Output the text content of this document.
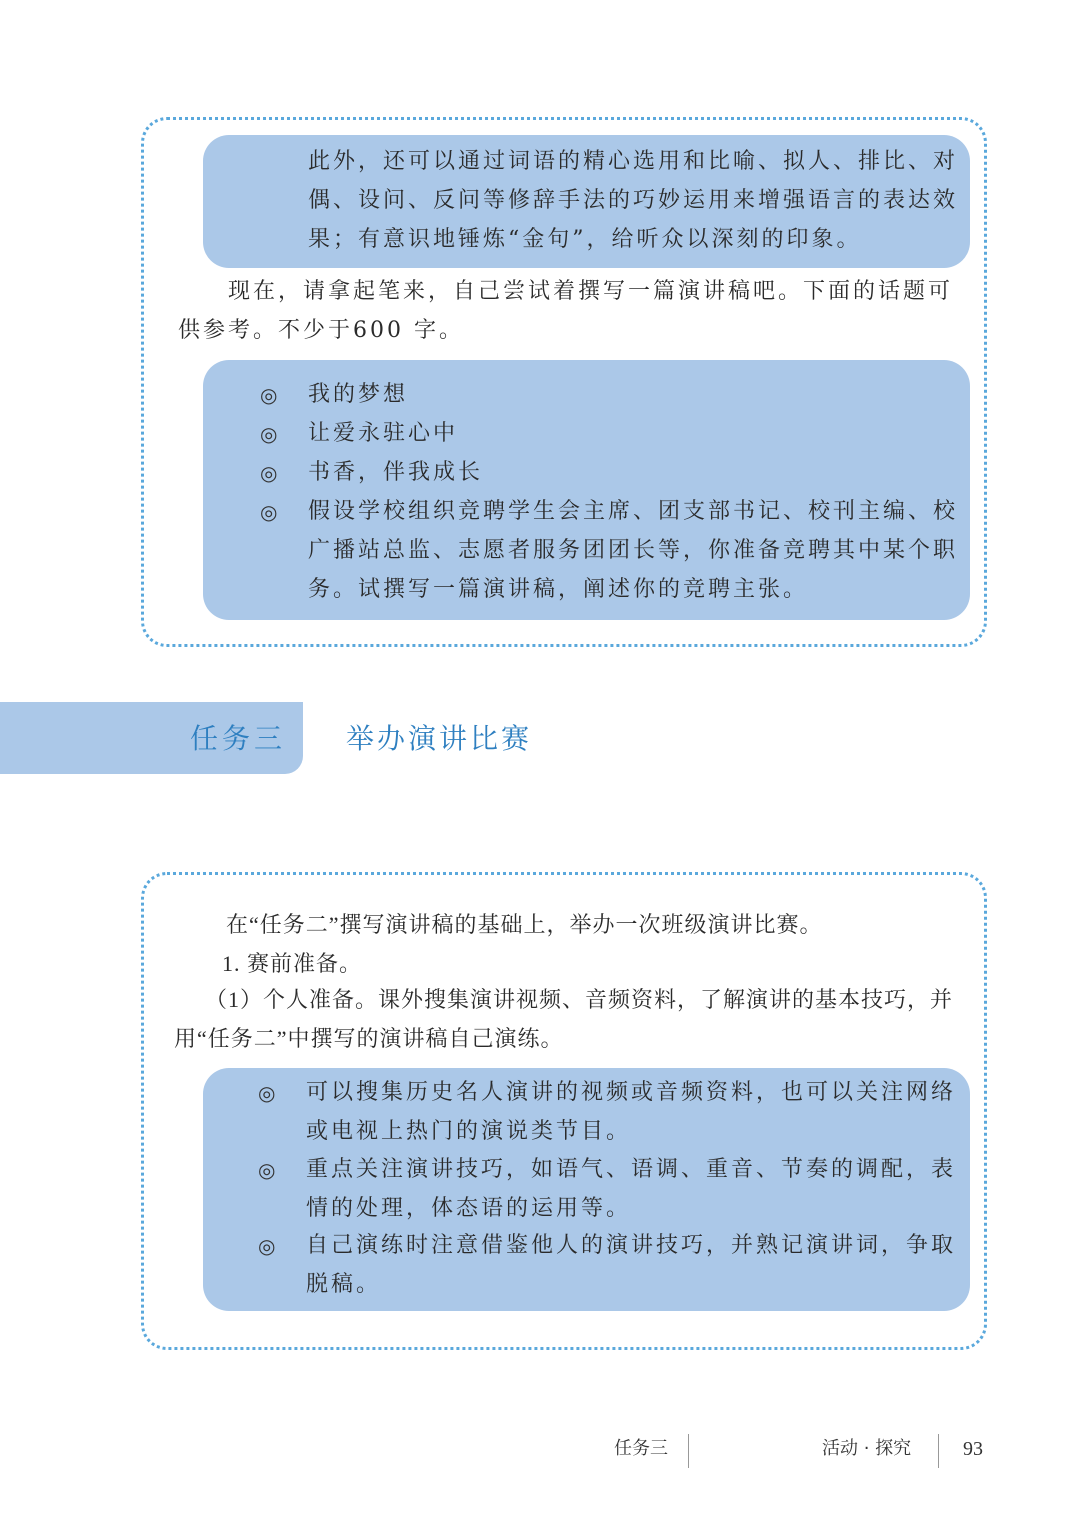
此外，还可以通过词语的精心选用和比喻、拟人、排比、对
偶、设问、反问等修辞手法的巧妙运用来增强语言的表达效
果；有意识地锤炼“金句”，给听众以深刻的印象。
现在，请拿起笔来，自己尝试着撰写一篇演讲稿吧。下面的话题可
供参考。不少于600 字。
◎ 我的梦想
◎ 让爱永驻心中
◎ 书香，伴我成长
◎ 假设学校组织竞聘学生会主席、团支部书记、校刊主编、校
广播站总监、志愿者服务团团长等，你准备竞聘其中某个职
务。试撰写一篇演讲稿，阐述你的竞聘主张。
任务三 举办演讲比赛
在“任务二”撰写演讲稿的基础上，举办一次班级演讲比赛。
1. 赛前准备。
（1）个人准备。课外搜集演讲视频、音频资料，了解演讲的基本技巧，并
用“任务二”中撰写的演讲稿自己演练。
◎ 可以搜集历史名人演讲的视频或音频资料，也可以关注网络
或电视上热门的演说类节目。
◎ 重点关注演讲技巧，如语气、语调、重音、节奏的调配，表
情的处理，体态语的运用等。
◎ 自己演练时注意借鉴他人的演讲技巧，并熟记演讲词，争取
脱稿。
任务三	活动 · 探究	93
